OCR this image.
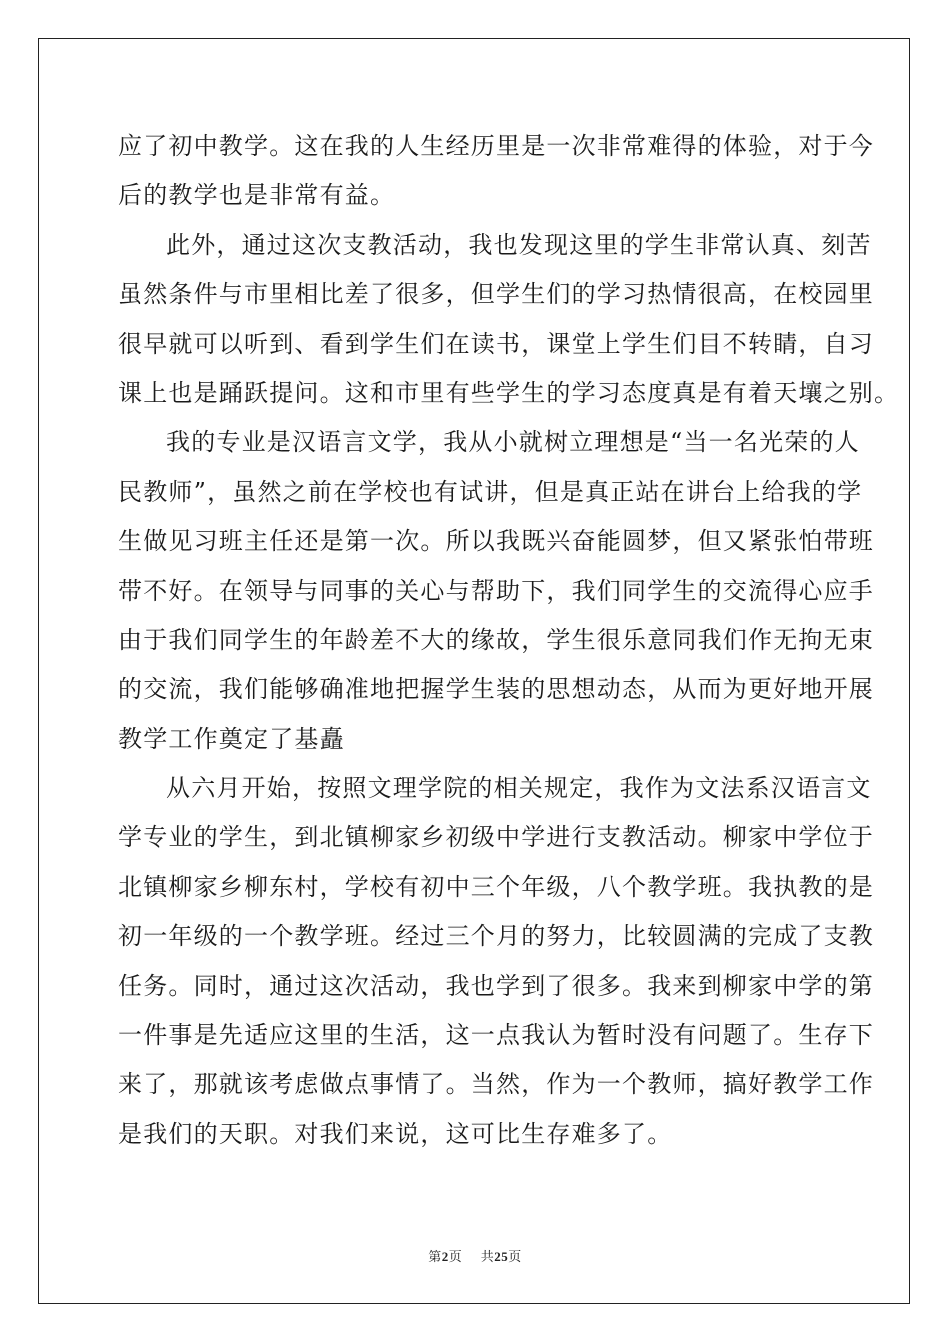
应了初中教学。这在我的人生经历里是一次非常难得的体验，对于今
后的教学也是非常有益。
此外，通过这次支教活动，我也发现这里的学生非常认真、刻苦
虽然条件与市里相比差了很多，但学生们的学习热情很高，在校园里
很早就可以听到、看到学生们在读书，课堂上学生们目不转睛，自习
课上也是踊跃提问。这和市里有些学生的学习态度真是有着天壤之别。
我的专业是汉语言文学，我从小就树立理想是“当一名光荣的人
民教师”，虽然之前在学校也有试讲，但是真正站在讲台上给我的学
生做见习班主任还是第一次。所以我既兴奋能圆梦，但又紧张怕带班
带不好。在领导与同事的关心与帮助下，我们同学生的交流得心应手
由于我们同学生的年龄差不大的缘故，学生很乐意同我们作无拘无束
的交流，我们能够确准地把握学生装的思想动态，从而为更好地开展
教学工作奠定了基矗
从六月开始，按照文理学院的相关规定，我作为文法系汉语言文
学专业的学生，到北镇柳家乡初级中学进行支教活动。柳家中学位于
北镇柳家乡柳东村，学校有初中三个年级，八个教学班。我执教的是
初一年级的一个教学班。经过三个月的努力，比较圆满的完成了支教
任务。同时，通过这次活动，我也学到了很多。我来到柳家中学的第
一件事是先适应这里的生活，这一点我认为暂时没有问题了。生存下
来了，那就该考虑做点事情了。当然，作为一个教师，搞好教学工作
是我们的天职。对我们来说，这可比生存难多了。
第2页 共25页
